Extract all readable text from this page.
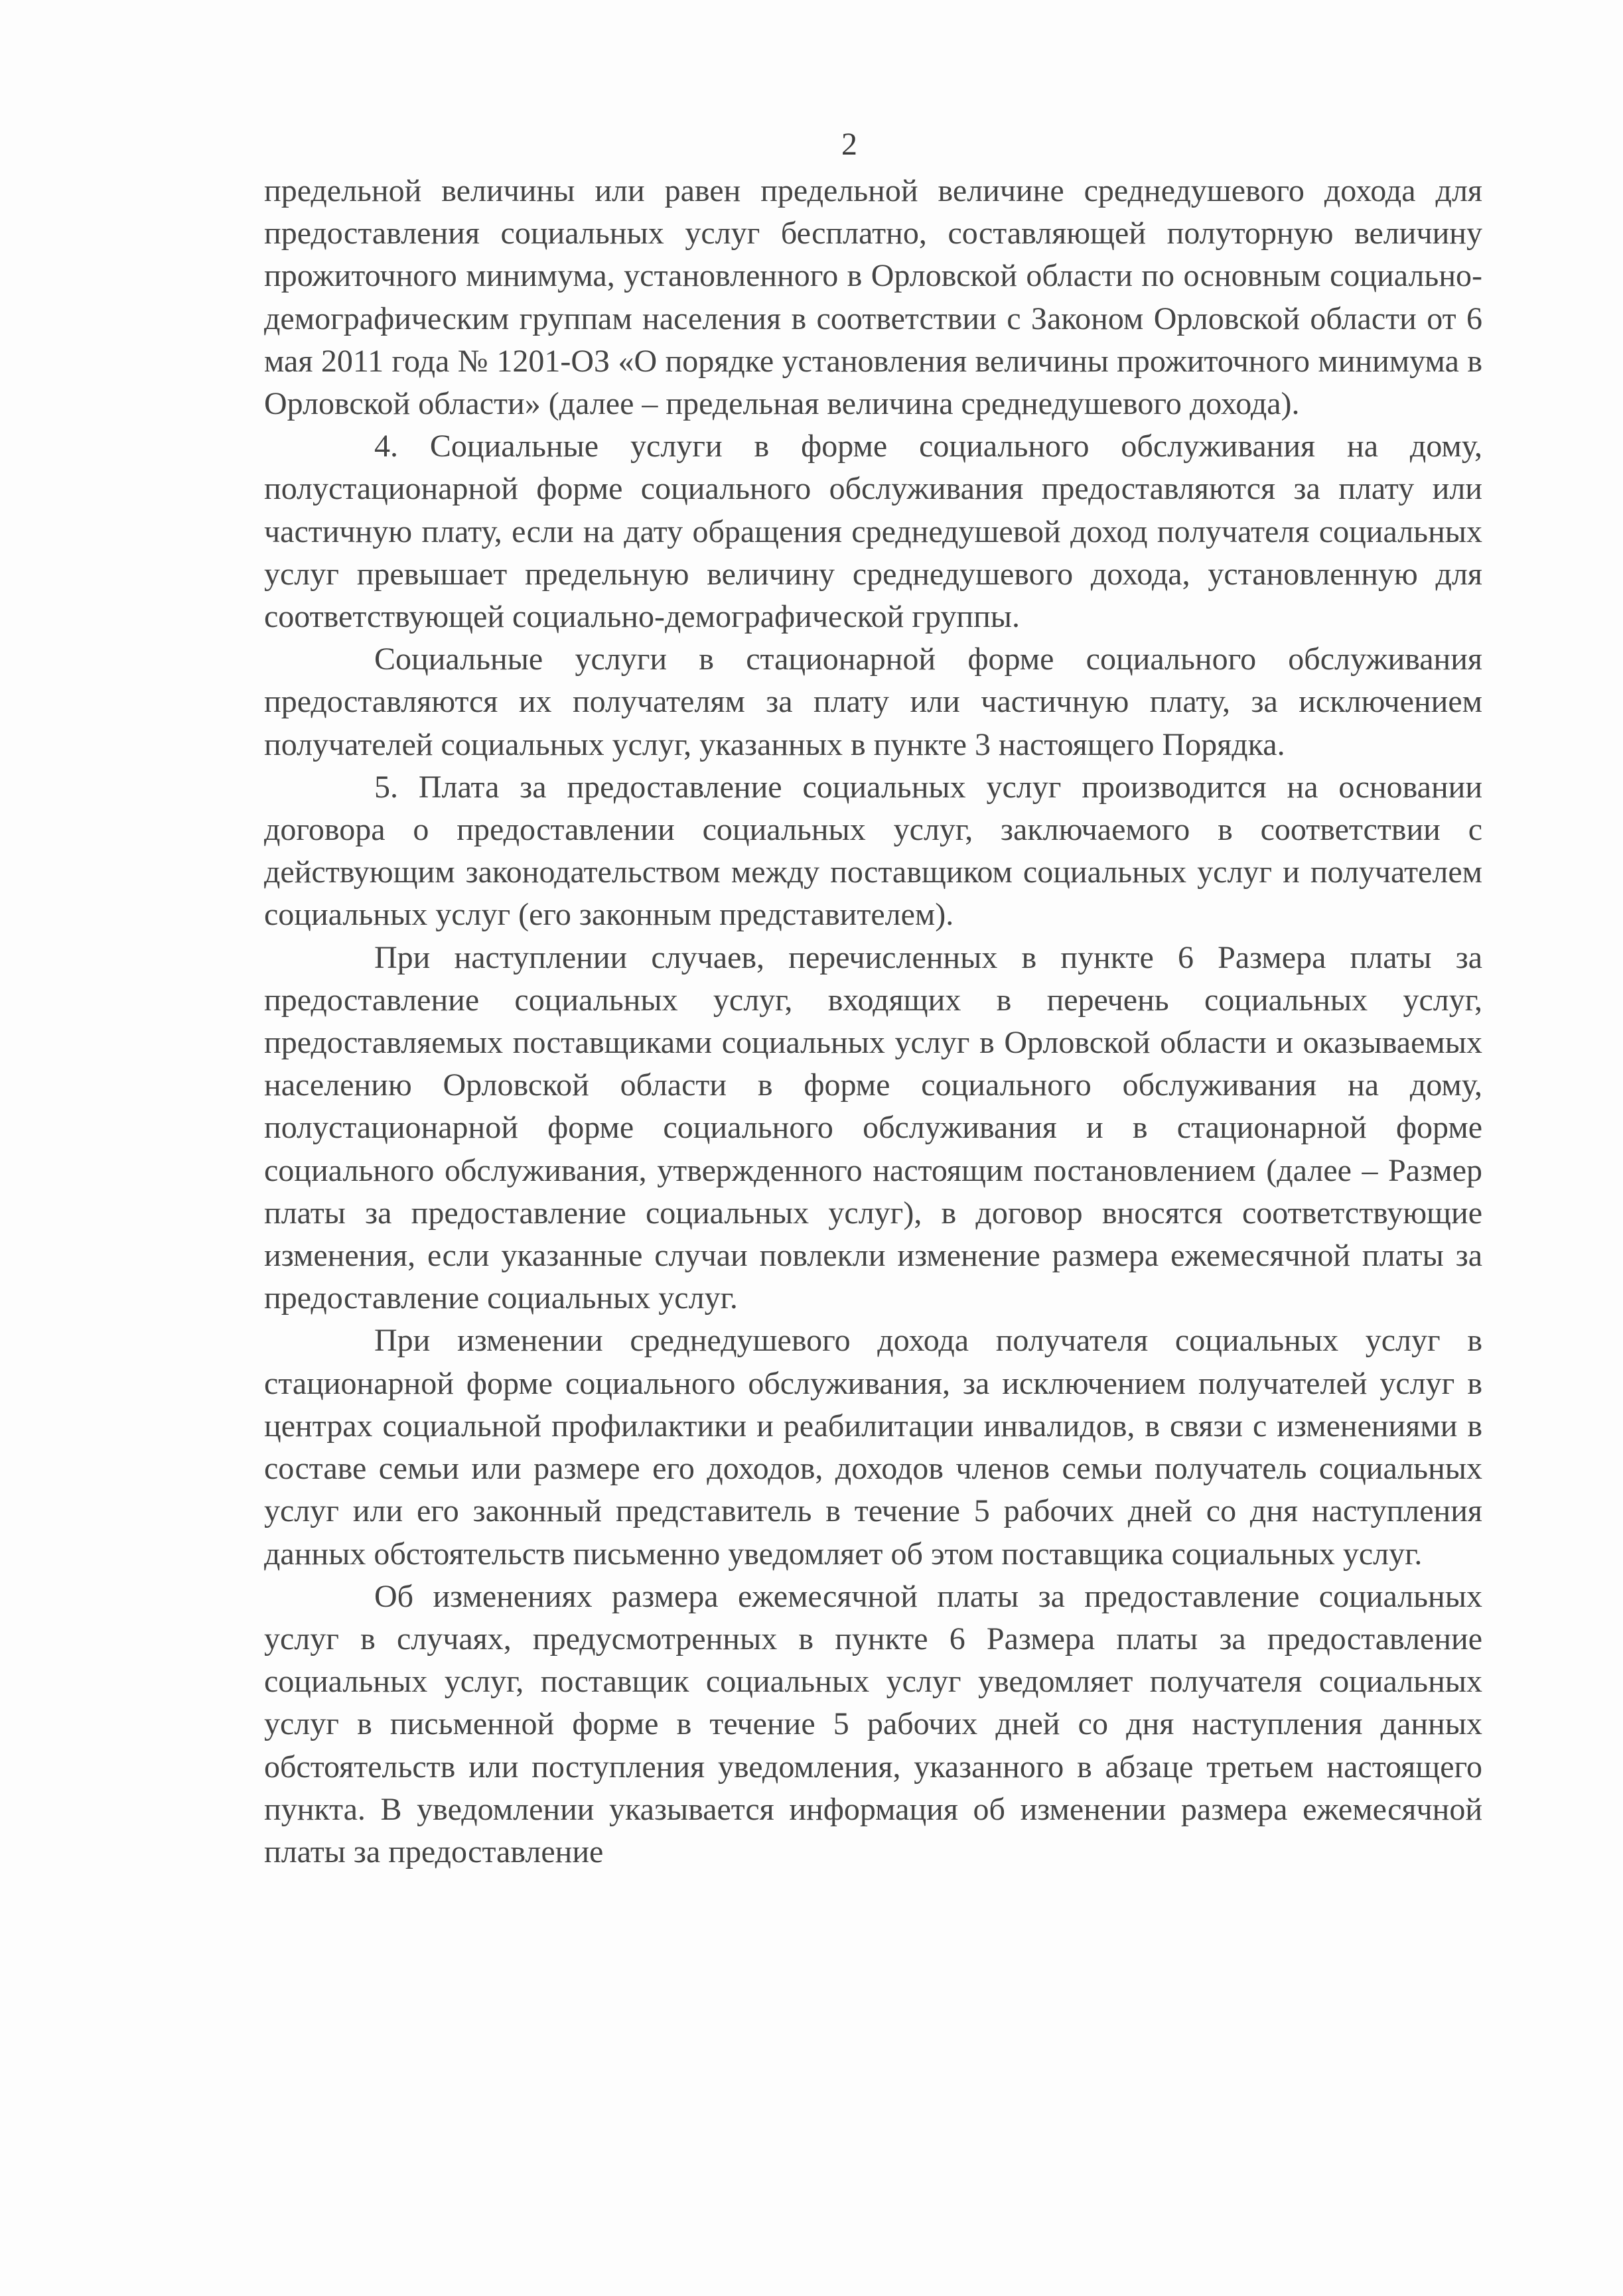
2

предельной величины или равен предельной величине среднедушевого дохода для предоставления социальных услуг бесплатно, составляющей полуторную величину прожиточного минимума, установленного в Орловской области по основным социально-демографическим группам населения в соответствии с Законом Орловской области от 6 мая 2011 года № 1201-ОЗ «О порядке установления величины прожиточного минимума в Орловской области» (далее – предельная величина среднедушевого дохода).

4. Социальные услуги в форме социального обслуживания на дому, полустационарной форме социального обслуживания предоставляются за плату или частичную плату, если на дату обращения среднедушевой доход получателя социальных услуг превышает предельную величину среднедушевого дохода, установленную для соответствующей социально-демографической группы.

Социальные услуги в стационарной форме социального обслуживания предоставляются их получателям за плату или частичную плату, за исключением получателей социальных услуг, указанных в пункте 3 настоящего Порядка.

5. Плата за предоставление социальных услуг производится на основании договора о предоставлении социальных услуг, заключаемого в соответствии с действующим законодательством между поставщиком социальных услуг и получателем социальных услуг (его законным представителем).

При наступлении случаев, перечисленных в пункте 6 Размера платы за предоставление социальных услуг, входящих в перечень социальных услуг, предоставляемых поставщиками социальных услуг в Орловской области и оказываемых населению Орловской области в форме социального обслуживания на дому, полустационарной форме социального обслуживания и в стационарной форме социального обслуживания, утвержденного настоящим постановлением (далее – Размер платы за предоставление социальных услуг), в договор вносятся соответствующие изменения, если указанные случаи повлекли изменение размера ежемесячной платы за предоставление социальных услуг.

При изменении среднедушевого дохода получателя социальных услуг в стационарной форме социального обслуживания, за исключением получателей услуг в центрах социальной профилактики и реабилитации инвалидов, в связи с изменениями в составе семьи или размере его доходов, доходов членов семьи получатель социальных услуг или его законный представитель в течение 5 рабочих дней со дня наступления данных обстоятельств письменно уведомляет об этом поставщика социальных услуг.

Об изменениях размера ежемесячной платы за предоставление социальных услуг в случаях, предусмотренных в пункте 6 Размера платы за предоставление социальных услуг, поставщик социальных услуг уведомляет получателя социальных услуг в письменной форме в течение 5 рабочих дней со дня наступления данных обстоятельств или поступления уведомления, указанного в абзаце третьем настоящего пункта. В уведомлении указывается информация об изменении размера ежемесячной платы за предоставление
